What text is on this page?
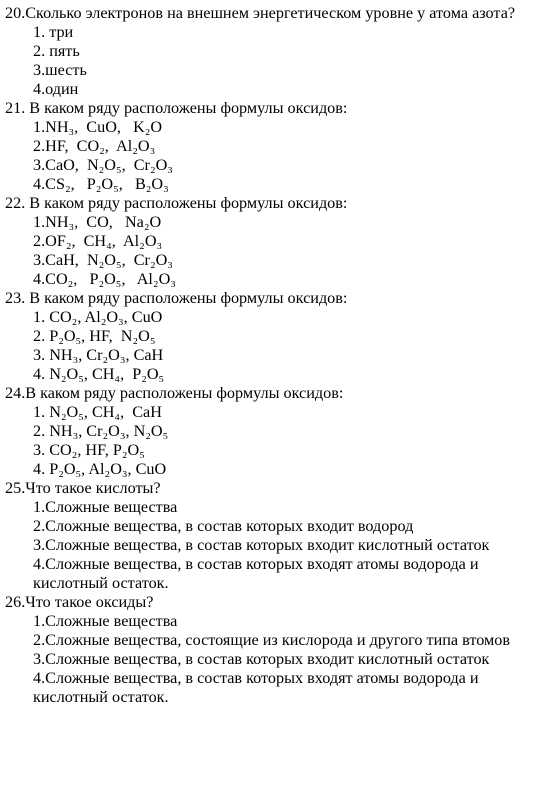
20.Сколько электронов на внешнем энергетическом уровне у атома азота?

1. три

2. пять

3.шесть

4.один

21. В каком ряду расположены формулы оксидов:

1.NH₃,  CuO,   K₂O

2.HF,  CO₂,  Al₂O₃

3.CaO,  N₂O₅,  Cr₂O₃

4.CS₂,   P₂O₅,   B₂O₃

22. В каком ряду расположены формулы оксидов:

1.NH₃,  CO,   Na₂O

2.OF₂,  CH₄,  Al₂O₃

3.CaH,  N₂O₅,  Cr₂O₃

4.CO₂,   P₂O₅,   Al₂O₃

23. В каком ряду расположены формулы оксидов:

1. CO₂, Al₂O₃, CuO

2. P₂O₅, HF,  N₂O₅

3. NH₃, Cr₂O₃, CaH

4. N₂O₅, CH₄,  P₂O₅

24.В каком ряду расположены формулы оксидов:

1. N₂O₅, CH₄,  CaH

2. NH₃, Cr₂O₃, N₂O₅

3. CO₂, HF, P₂O₅

4. P₂O₅, Al₂O₃, CuO

25.Что такое кислоты?

1.Сложные вещества

2.Сложные вещества, в состав которых входит водород

3.Сложные вещества, в состав которых входит кислотный остаток

4.Сложные вещества, в состав которых входят атомы водорода и кислотный остаток.

26.Что такое оксиды?

1.Сложные вещества

2.Сложные вещества, состоящие из кислорода и другого типа втомов

3.Сложные вещества, в состав которых входит кислотный остаток

4.Сложные вещества, в состав которых входят атомы водорода и кислотный остаток.
